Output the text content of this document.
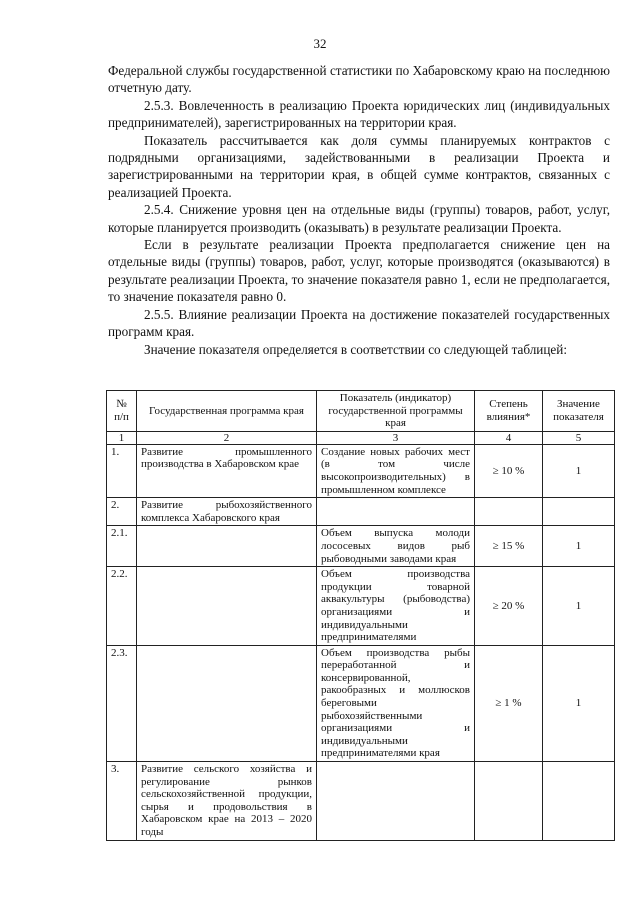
32

Федеральной службы государственной статистики по Хабаровскому краю на последнюю отчетную дату.

2.5.3. Вовлеченность в реализацию Проекта юридических лиц (индивидуальных предпринимателей), зарегистрированных на территории края.

Показатель рассчитывается как доля суммы планируемых контрактов с подрядными организациями, задействованными в реализации Проекта и зарегистрированными на территории края, в общей сумме контрактов, связанных с реализацией Проекта.

2.5.4. Снижение уровня цен на отдельные виды (группы) товаров, работ, услуг, которые планируется производить (оказывать) в результате реализации Проекта.

Если в результате реализации Проекта предполагается снижение цен на отдельные виды (группы) товаров, работ, услуг, которые производятся (оказываются) в результате реализации Проекта, то значение показателя равно 1, если не предполагается, то значение показателя равно 0.

2.5.5. Влияние реализации Проекта на достижение показателей государственных программ края.

Значение показателя определяется в соответствии со следующей таблицей:

№ п/п	Государственная программа края	Показатель (индикатор) государственной программы края	Степень влияния*	Значение показателя
1	2	3	4	5
1.	Развитие промышленного производства в Хабаровском крае	Создание новых рабочих мест (в том числе высокопроизводительных) в промышленном комплексе	≥ 10 %	1
2.	Развитие рыбохозяйственного комплекса Хабаровского края			
2.1.		Объем выпуска молоди лососевых видов рыб рыбоводными заводами края	≥ 15 %	1
2.2.		Объем производства продукции товарной аквакультуры (рыбоводства) организациями и индивидуальными предпринимателями	≥ 20 %	1
2.3.		Объем производства рыбы переработанной и консервированной, ракообразных и моллюсков береговыми рыбохозяйственными организациями и индивидуальными предпринимателями края	≥ 1 %	1
3.	Развитие сельского хозяйства и регулирование рынков сельскохозяйственной продукции, сырья и продовольствия в Хабаровском крае на 2013 – 2020 годы			
